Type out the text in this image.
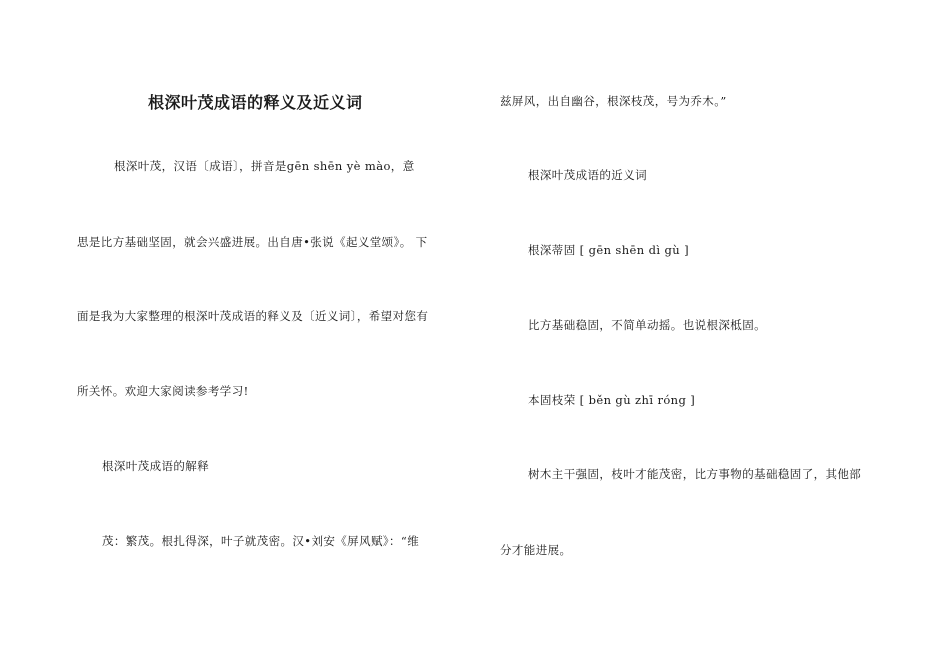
根深叶茂成语的释义及近义词
根深叶茂，汉语〔成语〕，拼音是gēn shēn yè mào，意
思是比方基础坚固，就会兴盛进展。出自唐•张说《起义堂颂》。 下
面是我为大家整理的根深叶茂成语的释义及〔近义词〕，希望对您有
所关怀。欢迎大家阅读参考学习!
根深叶茂成语的解释
茂：繁茂。根扎得深，叶子就茂密。汉•刘安《屏风赋》：“维
兹屏风，出自幽谷，根深枝茂，号为乔木。”
根深叶茂成语的近义词
根深蒂固 [ gēn shēn dì gù ]
比方基础稳固，不简单动摇。也说根深柢固。
本固枝荣 [ běn gù zhī róng ]
树木主干强固，枝叶才能茂密，比方事物的基础稳固了，其他部
分才能进展。
